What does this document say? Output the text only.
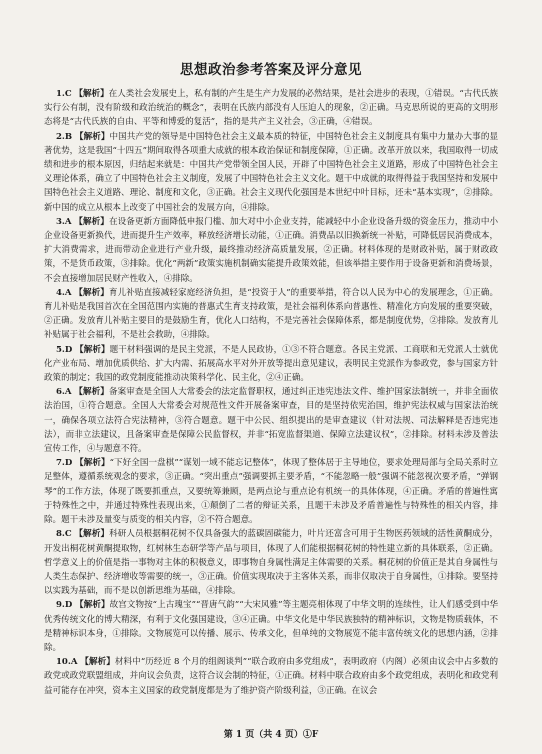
思想政治参考答案及评分意见

1.C 【解析】在人类社会发展史上，私有制的产生是生产力发展的必然结果，是社会进步的表现，①错误。“古代氏族实行公有制，没有阶级和政治统治的概念”，表明在氏族内部没有人压迫人的现象，②正确。马克思所说的更高的文明形态将是“古代氏族的自由、平等和博爱的复活”，指的是共产主义社会，③正确，④错误。

2.B 【解析】中国共产党的领导是中国特色社会主义最本质的特征，中国特色社会主义制度具有集中力量办大事的显著优势，这是我国“十四五”期间取得各项重大成就的根本政治保证和制度保障，①正确。改革开放以来，我国取得一切成绩和进步的根本原因，归结起来就是：中国共产党带领全国人民，开辟了中国特色社会主义道路，形成了中国特色社会主义理论体系，确立了中国特色社会主义制度，发展了中国特色社会主义文化。题干中成就的取得得益于我国坚持和发展中国特色社会主义道路、理论、制度和文化，③正确。社会主义现代化强国是本世纪中叶目标，还未“基本实现”，②排除。新中国的成立从根本上改变了中国社会的发展方向，④排除。

3.A 【解析】在设备更新方面降低申报门槛、加大对中小企业支持，能减轻中小企业设备升级的资金压力，推动中小企业设备更新换代，进而提升生产效率，释放经济增长动能，①正确。消费品以旧换新统一补贴，可降低居民消费成本，扩大消费需求，进而带动企业进行产业升级，最终推动经济高质量发展，②正确。材料体现的是财政补贴，属于财政政策，不是货币政策，③排除。优化“两新”政策实施机制确实能提升政策效能，但该举措主要作用于设备更新和消费场景，不会直接增加居民财产性收入，④排除。

4.A 【解析】育儿补贴直接减轻家庭经济负担，是“投资于人”的重要举措，符合以人民为中心的发展理念，①正确。育儿补贴是我国首次在全国范围内实施的普惠式生育支持政策，是社会福利体系向普惠性、精准化方向发展的重要突破，②正确。发放育儿补贴主要目的是鼓励生育，优化人口结构，不是完善社会保障体系，都是制度优势，②排除。发放育儿补贴属于社会福利，不是社会救助，④排除。

5.D 【解析】题干材料强调的是民主党派，不是人民政协，①③不符合题意。各民主党派、工商联和无党派人士就优化产业布局、增加优质供给、扩大内需、拓展高水平对外开放等提出意见建议，表明民主党派作为参政党，参与国家方针政策的制定；我国的政党制度能推动决策科学化、民主化，②④正确。

6.A 【解析】备案审查是全国人大常委会的法定监督职权，通过纠正违宪违法文件、维护国家法制统一，并非全面依法治国，①符合题意。全国人大常委会对规范性文件开展备案审查，目的是坚持依宪治国，维护宪法权威与国家法治统一，确保各项立法符合宪法精神，③符合题意。题干中公民、组织提出的是审查建议（针对法规、司法解释是否违宪违法），而非立法建议，且备案审查是保障公民监督权，并非“拓宽监督渠道、保障立法建议权”，②排除。材料未涉及普法宣传工作，④与题意不符。

7.D 【解析】“下好全国一盘棋”“谋划一域不能忘记整体”，体现了整体居于主导地位，要求处理局部与全局关系时立足整体，遵循系统观念的要求，③正确。“突出重点”强调要抓主要矛盾，“不能忽略一般”强调不能忽视次要矛盾，“弹钢琴”的工作方法，体现了既要抓重点，又要统筹兼顾，是两点论与重点论有机统一的具体体现，④正确。矛盾的普遍性寓于特殊性之中，并通过特殊性表现出来，①颠倒了二者的辩证关系，且题干未涉及矛盾普遍性与特殊性的相关内容，排除。题干未涉及量变与质变的相关内容，②不符合题意。

8.C 【解析】科研人员根据桐花树不仅具备强大的蓝碳固碳能力，叶片还富含可用于生物医药领域的活性黄酮成分，开发出桐花树黄酮提取物，红树林生态研学等产品与项目，体现了人们能根据桐花树的特性建立新的具体联系，②正确。哲学意义上的价值是指一事物对主体的积极意义，即事物自身属性满足主体需要的关系。桐花树的价值正是其自身属性与人类生态保护、经济增收等需要的统一，③正确。价值实现取决于主客体关系，而非仅取决于自身属性，①排除。要坚持以实践为基础，而不是以创新思维为基础，④排除。

9.D 【解析】故宫文物按“上古瑰宝”“晋唐气韵”“大宋风雅”等主题亮相体现了中华文明的连续性，让人们感受到中华优秀传统文化的博大精深，有利于文化强国建设，③④正确。中华文化是中华民族独特的精神标识，文物是物质载体，不是精神标识本身，①排除。文物展览可以传播、展示、传承文化，但单纯的文物展览不能丰富传统文化的思想内涵，②排除。

10.A 【解析】材料中“历经近 8 个月的组阁谈判”“联合政府由多党组成”，表明政府（内阁）必须由议会中占多数的政党或政党联盟组成，并向议会负责，这符合议会制的特征，①正确。材料中联合政府由多个政党组成，表明化和政党利益可能存在冲突，资本主义国家的政党制度都是为了维护资产阶级利益，③正确。在议会

第 1 页（共 4 页）①F
